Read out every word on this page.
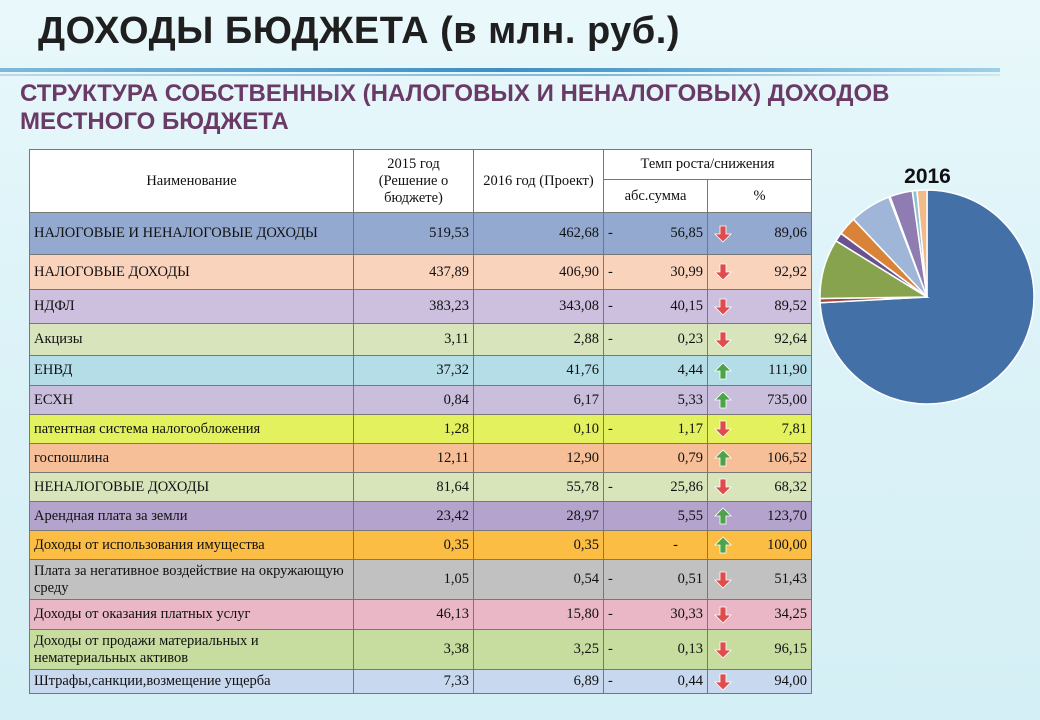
ДОХОДЫ БЮДЖЕТА (в млн. руб.)
СТРУКТУРА СОБСТВЕННЫХ (НАЛОГОВЫХ И НЕНАЛОГОВЫХ) ДОХОДОВ МЕСТНОГО БЮДЖЕТА
Наименование	2015 год (Решение о бюджете)	2016 год (Проект)	Темп роста/снижения	
			абс.сумма	%
НАЛОГОВЫЕ И НЕНАЛОГОВЫЕ ДОХОДЫ	519,53	462,68	- 56,85	89,06
НАЛОГОВЫЕ ДОХОДЫ	437,89	406,90	- 30,99	92,92
НДФЛ	383,23	343,08	- 40,15	89,52
Акцизы	3,11	2,88	- 0,23	92,64
ЕНВД	37,32	41,76	4,44	111,90
ЕСХН	0,84	6,17	5,33	735,00
патентная система налогообложения	1,28	0,10	- 1,17	7,81
госпошлина	12,11	12,90	0,79	106,52
НЕНАЛОГОВЫЕ ДОХОДЫ	81,64	55,78	- 25,86	68,32
Арендная плата за земли	23,42	28,97	5,55	123,70
Доходы от использования имущества	0,35	0,35	-	100,00
Плата за негативное воздействие на окружающую среду	1,05	0,54	- 0,51	51,43
Доходы от оказания платных услуг	46,13	15,80	- 30,33	34,25
Доходы от продажи материальных и нематериальных активов	3,38	3,25	- 0,13	96,15
Штрафы,санкции,возмещение ущерба	7,33	6,89	- 0,44	94,00
2016
